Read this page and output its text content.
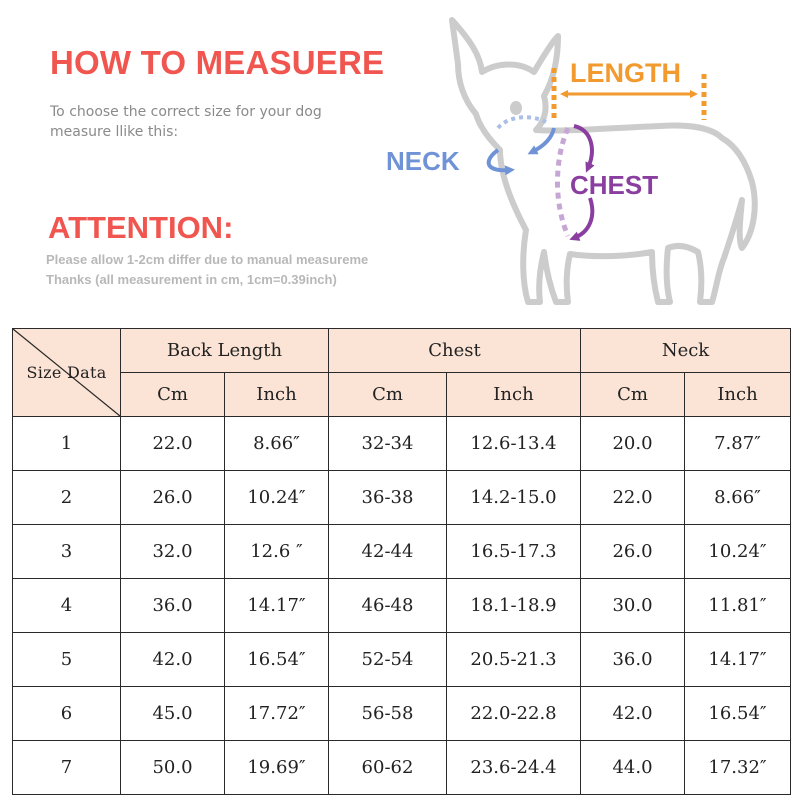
HOW TO MEASUERE
To choose the correct size for your dog
measure llike this:
ATTENTION:
Please allow 1-2cm differ due to manual measureme
Thanks (all measurement in cm, 1cm=0.39inch)
LENGTH
NECK
CHEST
Size Data	Back Length		Chest		Neck	
	Cm	Inch	Cm	Inch	Cm	Inch
1	22.0	8.66″	32-34	12.6-13.4	20.0	7.87″
2	26.0	10.24″	36-38	14.2-15.0	22.0	8.66″
3	32.0	12.6 ″	42-44	16.5-17.3	26.0	10.24″
4	36.0	14.17″	46-48	18.1-18.9	30.0	11.81″
5	42.0	16.54″	52-54	20.5-21.3	36.0	14.17″
6	45.0	17.72″	56-58	22.0-22.8	42.0	16.54″
7	50.0	19.69″	60-62	23.6-24.4	44.0	17.32″
